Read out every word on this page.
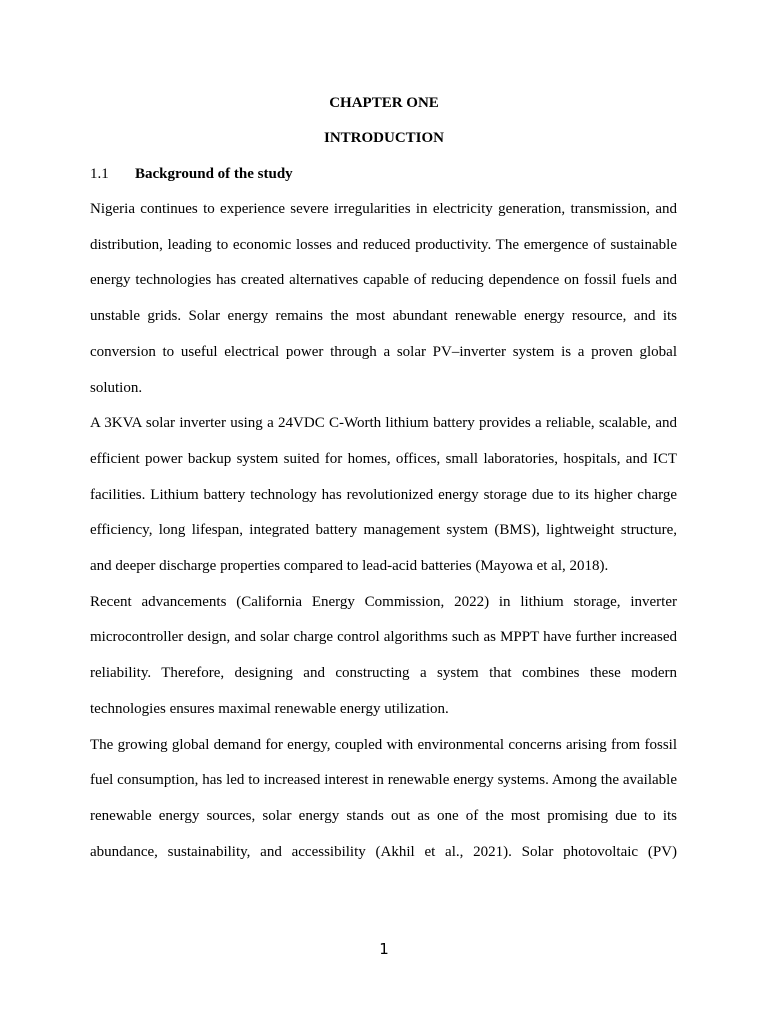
CHAPTER ONE
INTRODUCTION
1.1 Background of the study

Nigeria continues to experience severe irregularities in electricity generation, transmission, and distribution, leading to economic losses and reduced productivity. The emergence of sustainable energy technologies has created alternatives capable of reducing dependence on fossil fuels and unstable grids. Solar energy remains the most abundant renewable energy resource, and its conversion to useful electrical power through a solar PV–inverter system is a proven global solution.

A 3KVA solar inverter using a 24VDC C-Worth lithium battery provides a reliable, scalable, and efficient power backup system suited for homes, offices, small laboratories, hospitals, and ICT facilities. Lithium battery technology has revolutionized energy storage due to its higher charge efficiency, long lifespan, integrated battery management system (BMS), lightweight structure, and deeper discharge properties compared to lead-acid batteries (Mayowa et al, 2018).

Recent advancements (California Energy Commission, 2022) in lithium storage, inverter microcontroller design, and solar charge control algorithms such as MPPT have further increased reliability. Therefore, designing and constructing a system that combines these modern technologies ensures maximal renewable energy utilization.

The growing global demand for energy, coupled with environmental concerns arising from fossil fuel consumption, has led to increased interest in renewable energy systems. Among the available renewable energy sources, solar energy stands out as one of the most promising due to its abundance, sustainability, and accessibility (Akhil et al., 2021). Solar photovoltaic (PV)

1
